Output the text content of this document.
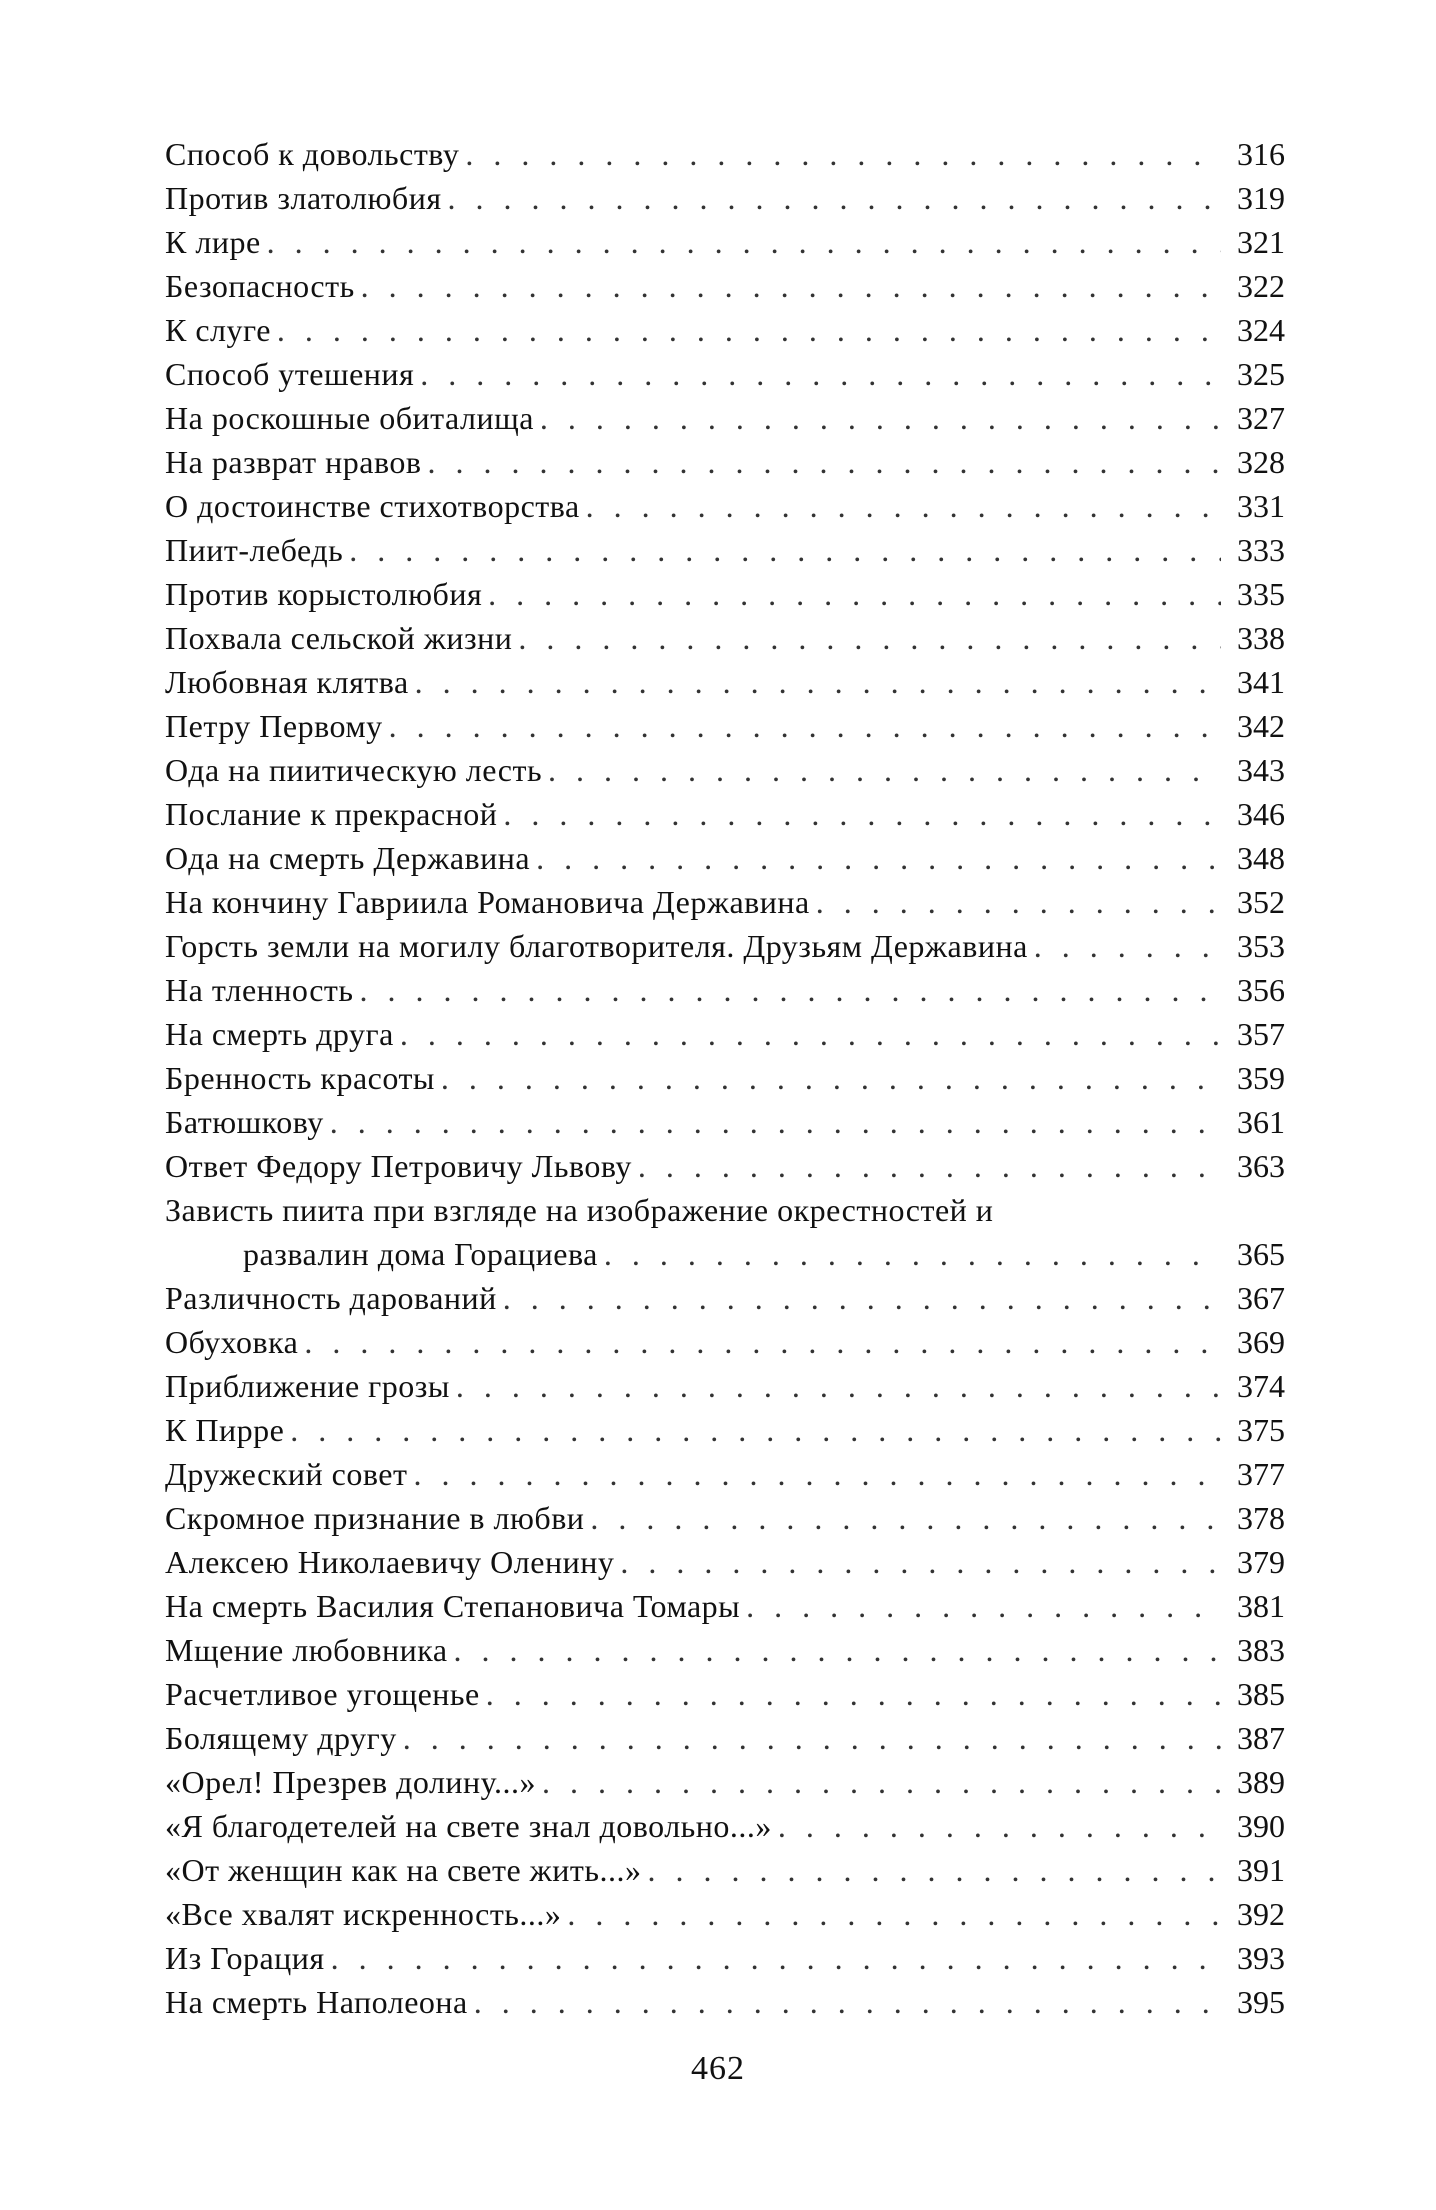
Способ к довольству . . .	316
Против златолюбия . . .	319
К лире . . .	321
Безопасность . . .	322
К слуге . . .	324
Способ утешения . . .	325
На роскошные обиталища . . .	327
На разврат нравов . . .	328
О достоинстве стихотворства . . .	331
Пиит-лебедь . . .	333
Против корыстолюбия . . .	335
Похвала сельской жизни . . .	338
Любовная клятва . . .	341
Петру Первому . . .	342
Ода на пиитическую лесть . . .	343
Послание к прекрасной . . .	346
Ода на смерть Державина . . .	348
На кончину Гавриила Романовича Державина . . .	352
Горсть земли на могилу благотворителя. Друзьям Державина . . .	353
На тленность . . .	356
На смерть друга . . .	357
Бренность красоты . . .	359
Батюшкову . . .	361
Ответ Федору Петровичу Львову . . .	363
Зависть пиита при взгляде на изображение окрестностей и
развалин дома Горациева . . .	365
Различность дарований . . .	367
Обуховка . . .	369
Приближение грозы . . .	374
К Пирре . . .	375
Дружеский совет . . .	377
Скромное признание в любви . . .	378
Алексею Николаевичу Оленину . . .	379
На смерть Василия Степановича Томары . . .	381
Мщение любовника . . .	383
Расчетливое угощенье . . .	385
Болящему другу . . .	387
«Орел! Презрев долину...» . . .	389
«Я благодетелей на свете знал довольно...» . . .	390
«От женщин как на свете жить...» . . .	391
«Все хвалят искренность...» . . .	392
Из Горация . . .	393
На смерть Наполеона . . .	395
462
